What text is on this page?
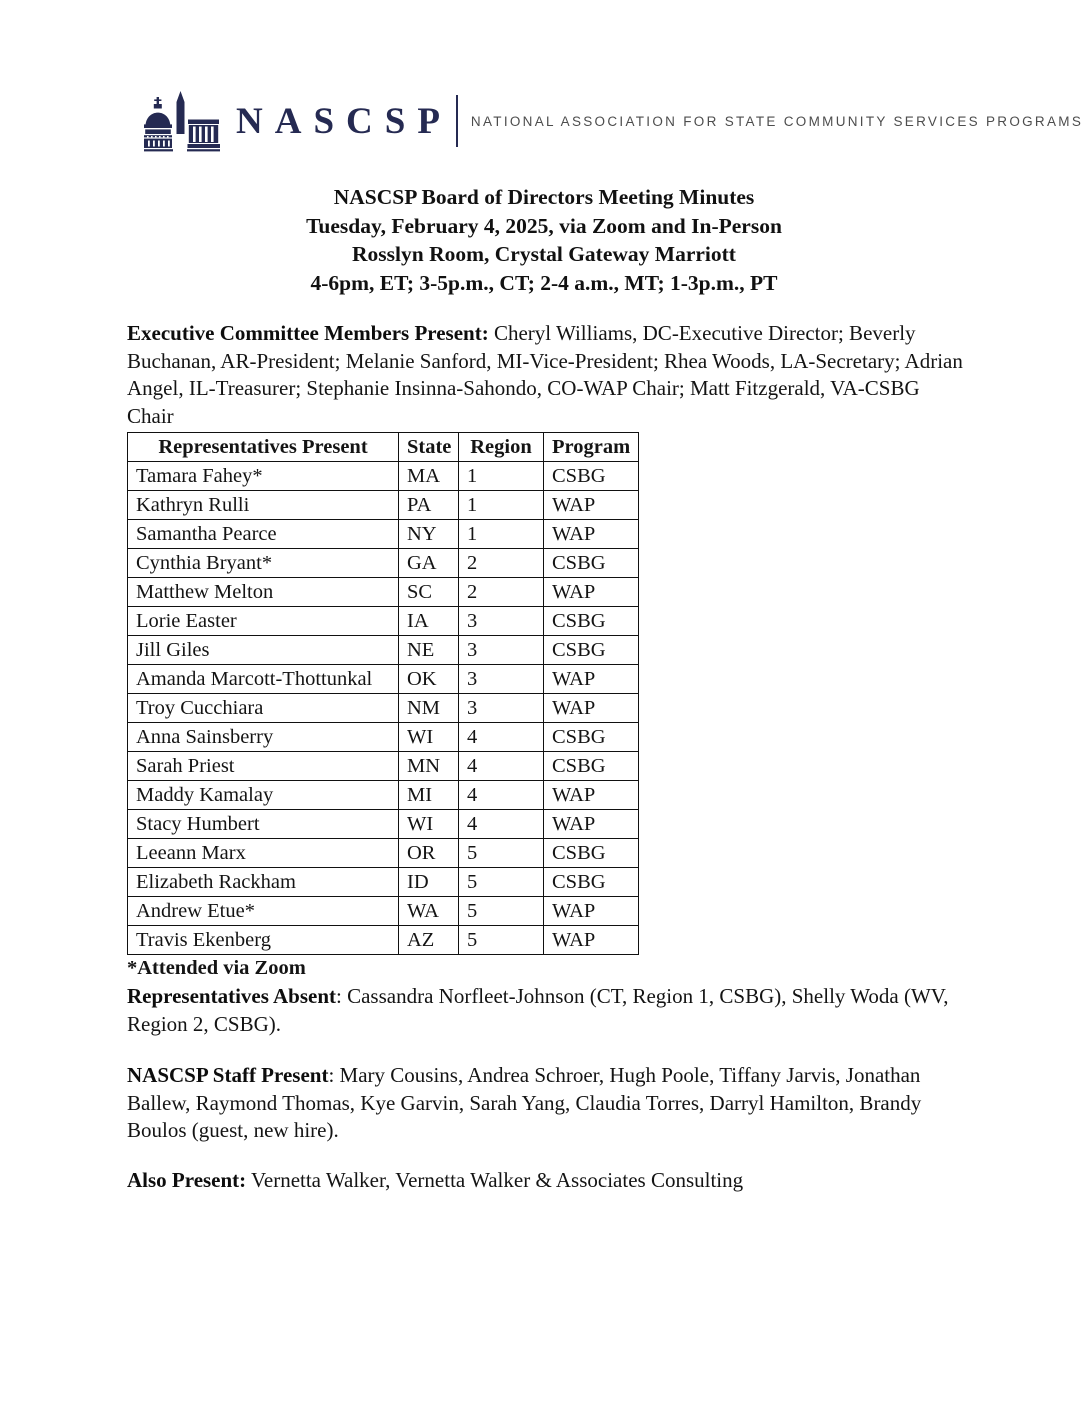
NASCSP NATIONAL ASSOCIATION FOR STATE COMMUNITY SERVICES PROGRAMS
NASCSP Board of Directors Meeting Minutes
Tuesday, February 4, 2025, via Zoom and In-Person
Rosslyn Room, Crystal Gateway Marriott
4-6pm, ET; 3-5p.m., CT; 2-4 a.m., MT; 1-3p.m., PT
Executive Committee Members Present: Cheryl Williams, DC-Executive Director; Beverly Buchanan, AR-President; Melanie Sanford, MI-Vice-President; Rhea Woods, LA-Secretary; Adrian Angel, IL-Treasurer; Stephanie Insinna-Sahondo, CO-WAP Chair; Matt Fitzgerald, VA-CSBG Chair
Representatives Present	State	Region	Program
Tamara Fahey*	MA	1	CSBG
Kathryn Rulli	PA	1	WAP
Samantha Pearce	NY	1	WAP
Cynthia Bryant*	GA	2	CSBG
Matthew Melton	SC	2	WAP
Lorie Easter	IA	3	CSBG
Jill Giles	NE	3	CSBG
Amanda Marcott-Thottunkal	OK	3	WAP
Troy Cucchiara	NM	3	WAP
Anna Sainsberry	WI	4	CSBG
Sarah Priest	MN	4	CSBG
Maddy Kamalay	MI	4	WAP
Stacy Humbert	WI	4	WAP
Leeann Marx	OR	5	CSBG
Elizabeth Rackham	ID	5	CSBG
Andrew Etue*	WA	5	WAP
Travis Ekenberg	AZ	5	WAP
*Attended via Zoom
Representatives Absent: Cassandra Norfleet-Johnson (CT, Region 1, CSBG), Shelly Woda (WV, Region 2, CSBG).
NASCSP Staff Present: Mary Cousins, Andrea Schroer, Hugh Poole, Tiffany Jarvis, Jonathan Ballew, Raymond Thomas, Kye Garvin, Sarah Yang, Claudia Torres, Darryl Hamilton, Brandy Boulos (guest, new hire).
Also Present: Vernetta Walker, Vernetta Walker & Associates Consulting
